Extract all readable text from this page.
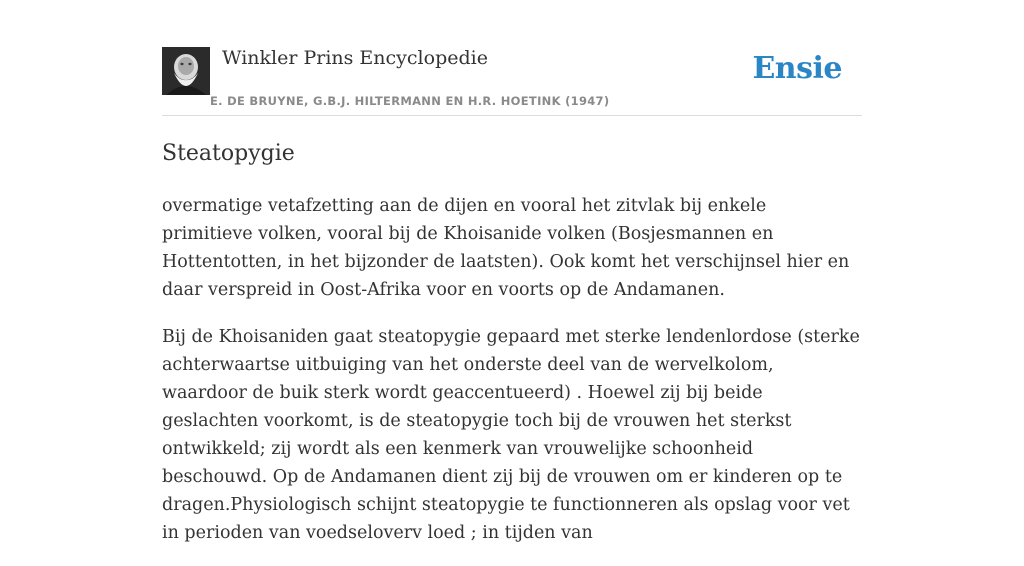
Winkler Prins Encyclopedie	Ensie
E. DE BRUYNE, G.B.J. HILTERMANN EN H.R. HOETINK (1947)
Steatopygie

overmatige vetafzetting aan de dijen en vooral het zitvlak bij enkele primitieve volken, vooral bij de Khoisanide volken (Bosjesmannen en Hottentotten, in het bijzonder de laatsten). Ook komt het verschijnsel hier en daar verspreid in Oost-Afrika voor en voorts op de Andamanen.

Bij de Khoisaniden gaat steatopygie gepaard met sterke lendenlordose (sterke achterwaartse uitbuiging van het onderste deel van de wervelkolom, waardoor de buik sterk wordt geaccentueerd) . Hoewel zij bij beide geslachten voorkomt, is de steatopygie toch bij de vrouwen het sterkst ontwikkeld; zij wordt als een kenmerk van vrouwelijke schoonheid beschouwd. Op de Andamanen dient zij bij de vrouwen om er kinderen op te dragen.Physiologisch schijnt steatopygie te functionneren als opslag voor vet in perioden van voedseloverv loed ; in tijden van
